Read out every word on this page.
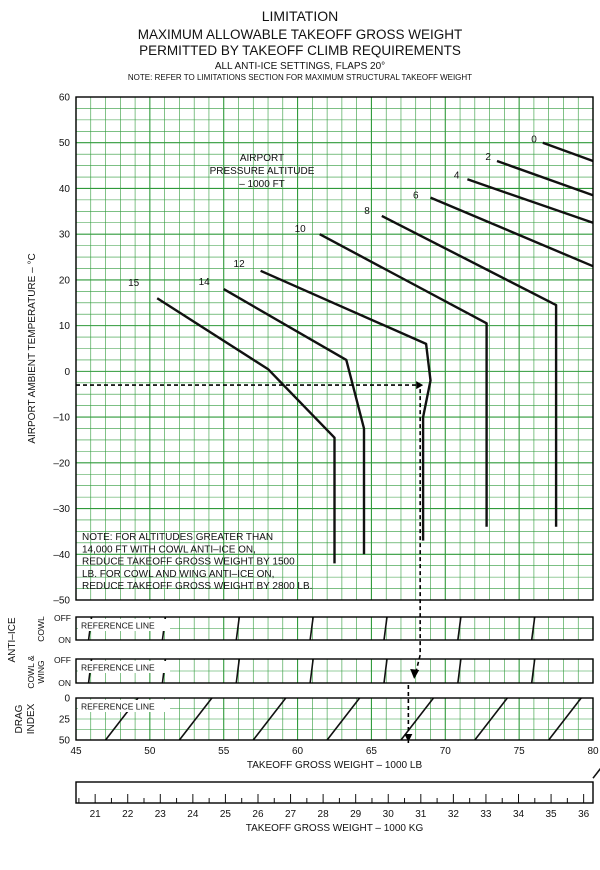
LIMITATION
MAXIMUM ALLOWABLE TAKEOFF GROSS WEIGHT
PERMITTED BY TAKEOFF CLIMB REQUIREMENTS
ALL ANTI-ICE SETTINGS, FLAPS 20°
NOTE: REFER TO LIMITATIONS SECTION FOR MAXIMUM STRUCTURAL TAKEOFF WEIGHT
60
50
40
30
20
10
0
–10
–20
–30
–40
–50
AIRPORT AMBIENT TEMPERATURE – °C
0
2
4
6
8
10
12
14
15
AIRPORT
PRESSURE ALTITUDE
– 1000 FT
NOTE: FOR ALTITUDES GREATER THAN
14,000 FT WITH COWL ANTI–ICE ON,
REDUCE TAKEOFF GROSS WEIGHT BY 1500
LB. FOR COWL AND WING ANTI–ICE ON,
REDUCE TAKEOFF GROSS WEIGHT BY 2800 LB.
REFERENCE LINE
REFERENCE LINE
REFERENCE LINE
ANTI–ICE COWL
COWL & WING
DRAG INDEX
OFF
ON
OFF
ON
0
25
50
45	50	55	60	65	70	75	80
TAKEOFF GROSS WEIGHT – 1000 LB
21 22 23 24 25 26 27 28 29 30 31 32 33 34 35 36
TAKEOFF GROSS WEIGHT – 1000 KG
